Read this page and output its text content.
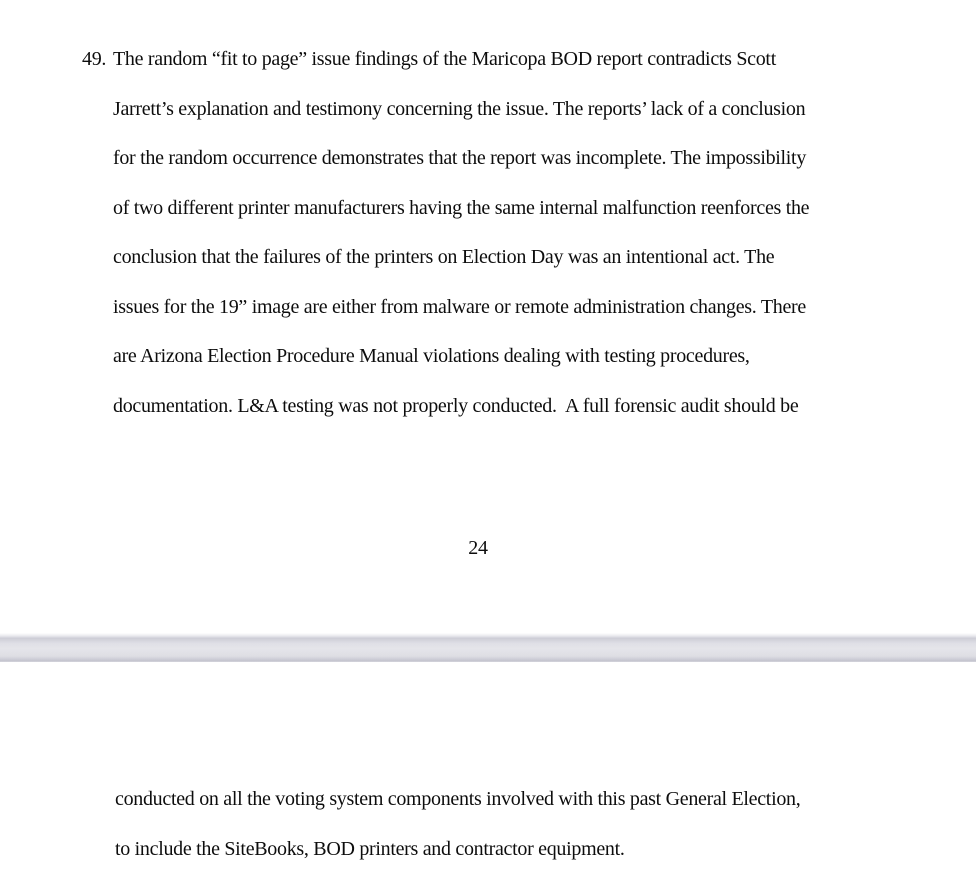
49. The random “fit to page” issue findings of the Maricopa BOD report contradicts Scott
Jarrett’s explanation and testimony concerning the issue. The reports’ lack of a conclusion
for the random occurrence demonstrates that the report was incomplete. The impossibility
of two different printer manufacturers having the same internal malfunction reenforces the
conclusion that the failures of the printers on Election Day was an intentional act. The
issues for the 19” image are either from malware or remote administration changes. There
are Arizona Election Procedure Manual violations dealing with testing procedures,
documentation. L&A testing was not properly conducted.  A full forensic audit should be
24
conducted on all the voting system components involved with this past General Election,
to include the SiteBooks, BOD printers and contractor equipment.
